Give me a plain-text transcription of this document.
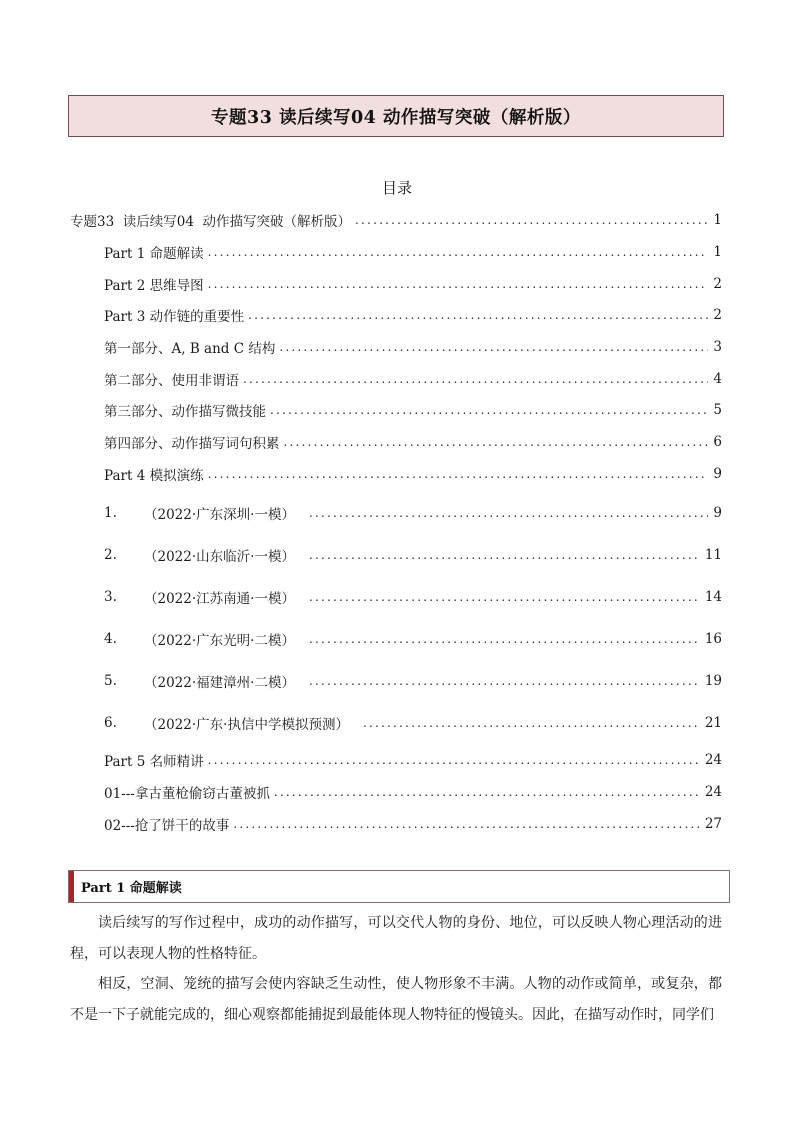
专题33 读后续写04 动作描写突破（解析版）
目录
专题33  读后续写04  动作描写突破（解析版） .....	1
Part 1 命题解读 .....	1
Part 2 思维导图 .....	2
Part 3 动作链的重要性 .....	2
第一部分、A, B and C 结构 .....	3
第二部分、使用非谓语 .....	4
第三部分、动作描写微技能 .....	5
第四部分、动作描写词句积累 .....	6
Part 4 模拟演练 .....	9
1.	（2022·广东深圳·一模） .....	9
2.	（2022·山东临沂·一模） .....	11
3.	（2022·江苏南通·一模） .....	14
4.	（2022·广东光明·二模） .....	16
5.	（2022·福建漳州·二模） .....	19
6.	（2022·广东·执信中学模拟预测） .....	21
Part 5 名师精讲 .....	24
01---拿古董枪偷窃古董被抓 .....	24
02---抢了饼干的故事 .....	27
Part 1 命题解读

读后续写的写作过程中，成功的动作描写，可以交代人物的身份、地位，可以反映人物心理活动的进程，可以表现人物的性格特征。

相反，空洞、笼统的描写会使内容缺乏生动性，使人物形象不丰满。人物的动作或简单，或复杂，都不是一下子就能完成的，细心观察都能捕捉到最能体现人物特征的慢镜头。因此，在描写动作时，同学们
